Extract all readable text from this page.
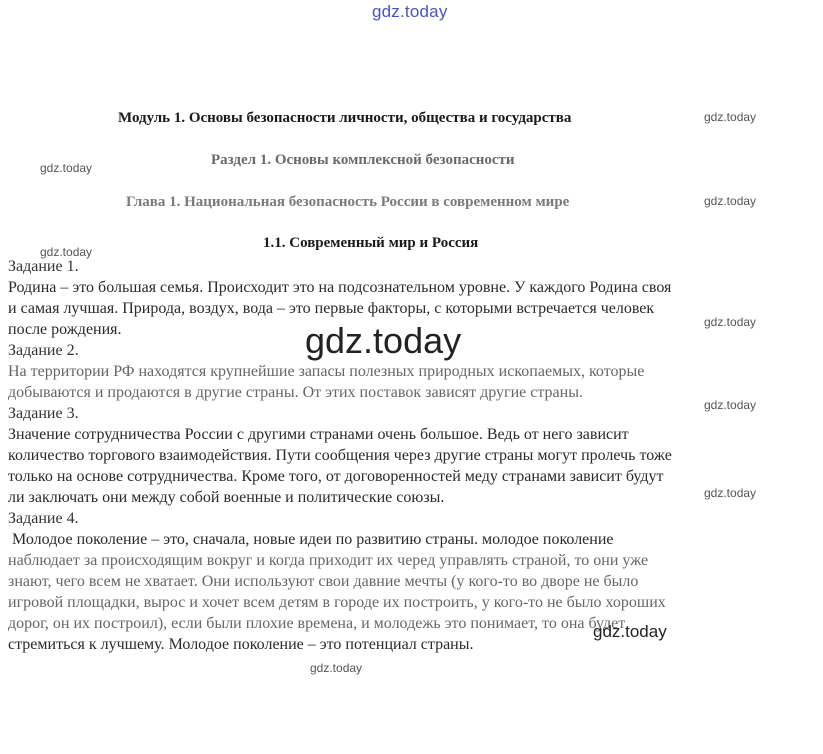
gdz.today
gdz.today
gdz.today
gdz.today
gdz.today
gdz.today
gdz.today
gdz.today
gdz.today
Модуль 1. Основы безопасности личности, общества и государства
Раздел 1. Основы комплексной безопасности
Глава 1. Национальная безопасность России в современном мире
1.1. Современный мир и Россия

Задание 1.

Родина – это большая семья. Происходит это на подсознательном уровне. У каждого Родина своя

и самая лучшая. Природа, воздух, вода – это первые факторы, с которыми встречается человек

после рождения.

Задание 2.

На территории РФ находятся крупнейшие запасы полезных природных ископаемых, которые

добываются и продаются в другие страны. От этих поставок зависят другие страны.

Задание 3.

Значение сотрудничества России с другими странами очень большое. Ведь от него зависит

количество торгового взаимодействия. Пути сообщения через другие страны могут пролечь тоже

только на основе сотрудничества. Кроме того, от договоренностей меду странами зависит будут

ли заключать они между собой военные и политические союзы.

Задание 4.

Молодое поколение – это, сначала, новые идеи по развитию страны. молодое поколение

наблюдает за происходящим вокруг и когда приходит их черед управлять страной, то они уже

знают, чего всем не хватает. Они используют свои давние мечты (у кого-то во дворе не было

игровой площадки, вырос и хочет всем детям в городе их построить, у кого-то не было хороших

дорог, он их построил), если были плохие времена, и молодежь это понимает, то она будет

стремиться к лучшему. Молодое поколение – это потенциал страны.

gdz.today
gdz.today
